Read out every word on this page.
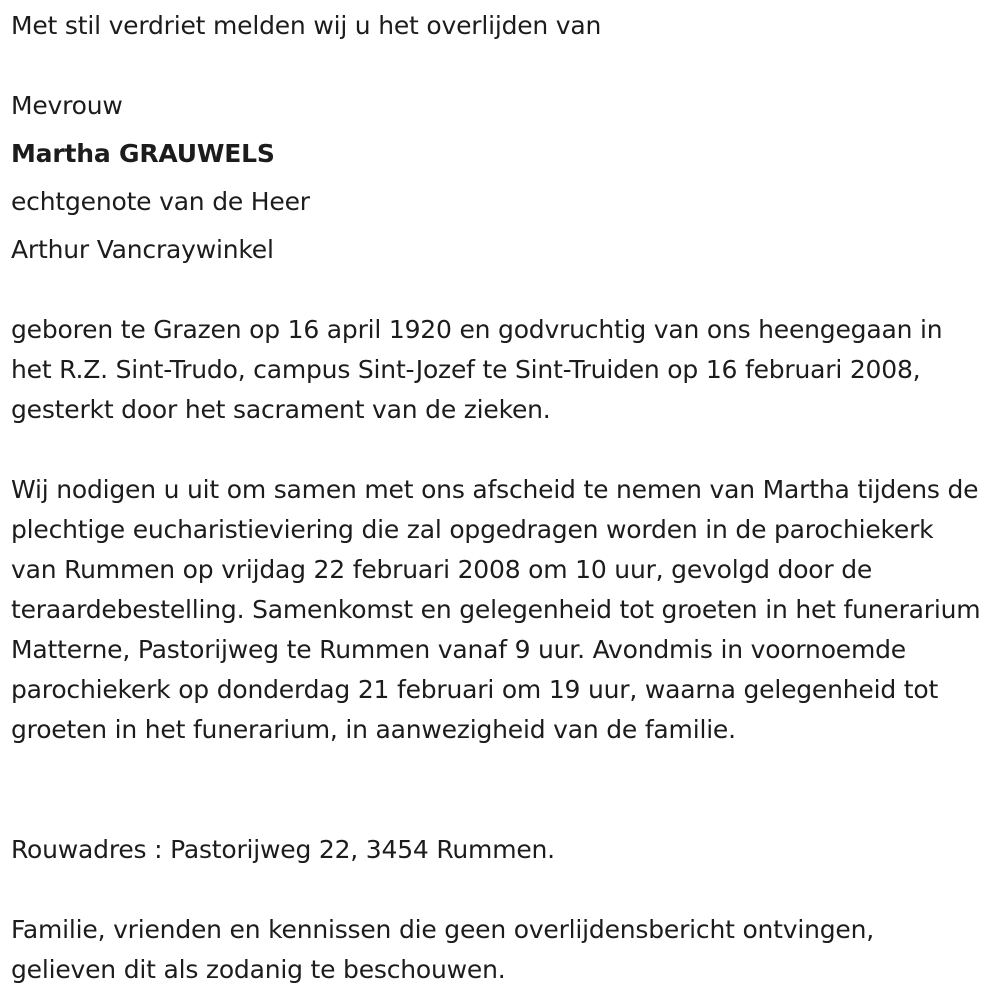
Met stil verdriet melden wij u het overlijden van
Mevrouw
Martha GRAUWELS
echtgenote van de Heer
Arthur Vancraywinkel
geboren te Grazen op 16 april 1920 en godvruchtig van ons heengegaan in het R.Z. Sint-Trudo, campus Sint-Jozef te Sint-Truiden op 16 februari 2008, gesterkt door het sacrament van de zieken.
Wij nodigen u uit om samen met ons afscheid te nemen van Martha tijdens de plechtige eucharistieviering die zal opgedragen worden in de parochiekerk van Rummen op vrijdag 22 februari 2008 om 10 uur, gevolgd door de teraardebestelling. Samenkomst en gelegenheid tot groeten in het funerarium Matterne, Pastorijweg te Rummen vanaf 9 uur. Avondmis in voornoemde parochiekerk op donderdag 21 februari om 19 uur, waarna gelegenheid tot groeten in het funerarium, in aanwezigheid van de familie.
Rouwadres : Pastorijweg 22, 3454 Rummen.
Familie, vrienden en kennissen die geen overlijdensbericht ontvingen, gelieven dit als zodanig te beschouwen.
